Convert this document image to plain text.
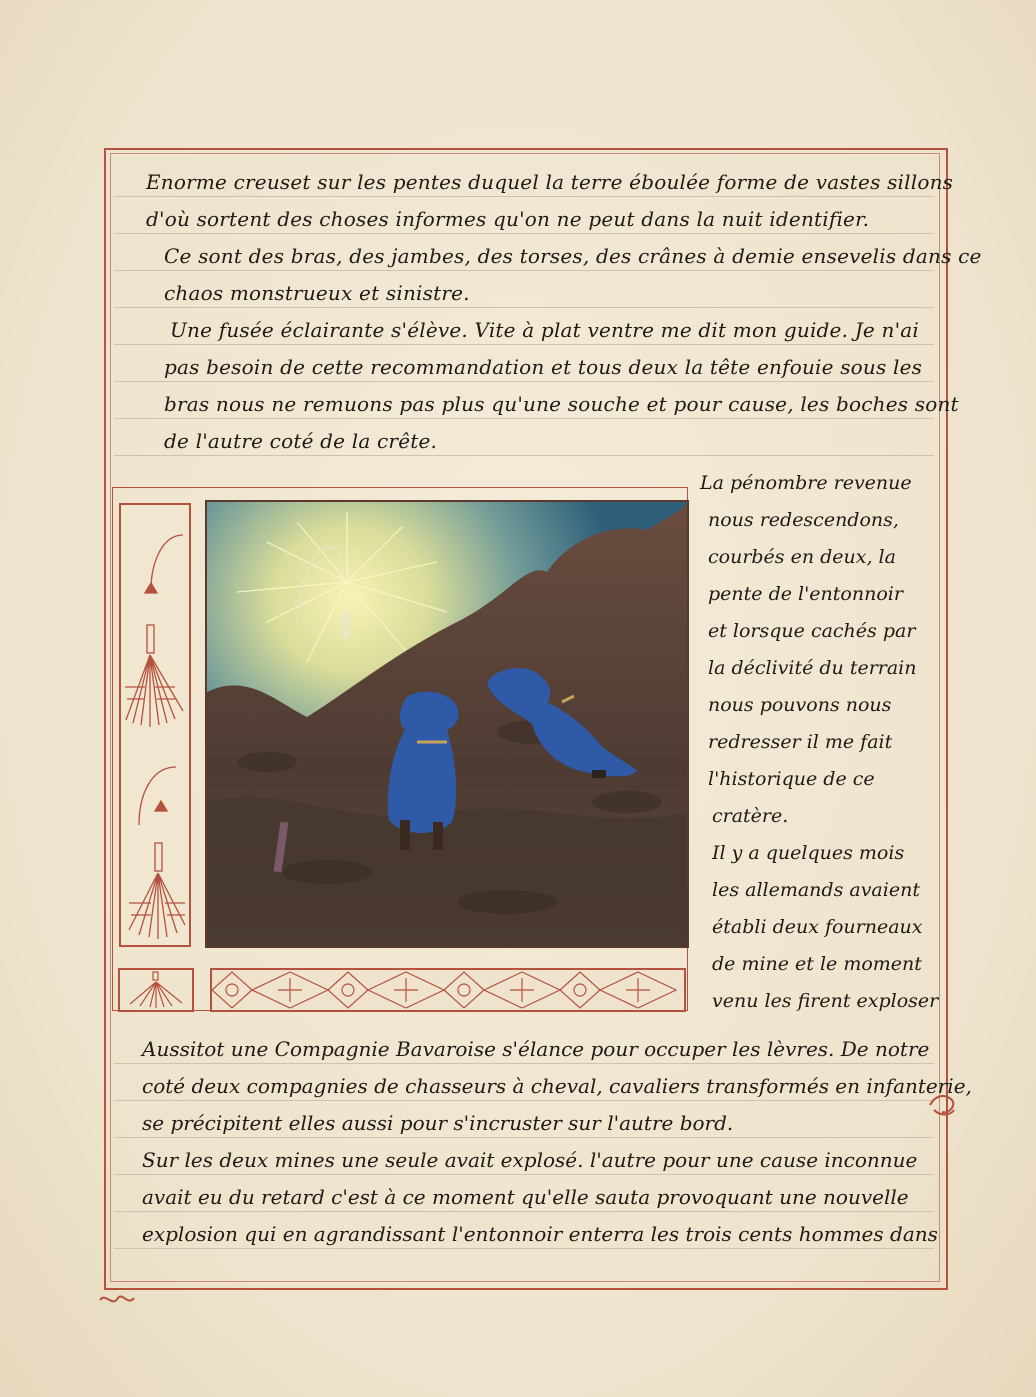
Enorme creuset sur les pentes duquel la terre éboulée forme de vastes sillons

d'où sortent des choses informes qu'on ne peut dans la nuit identifier.

Ce sont des bras, des jambes, des torses, des crânes à demie ensevelis dans ce

chaos monstrueux et sinistre.

Une fusée éclairante s'élève. Vite à plat ventre me dit mon guide. Je n'ai

pas besoin de cette recommandation et tous deux la tête enfouie sous les

bras nous ne remuons pas plus qu'une souche et pour cause, les boches sont

de l'autre coté de la crête.

La pénombre revenue

nous redescendons,

courbés en deux, la

pente de l'entonnoir

et lorsque cachés par

la déclivité du terrain

nous pouvons nous

redresser il me fait

l'historique de ce

cratère.

Il y a quelques mois

les allemands avaient

établi deux fourneaux

de mine et le moment

venu les firent exploser

Aussitot une Compagnie Bavaroise s'élance pour occuper les lèvres. De notre

coté deux compagnies de chasseurs à cheval, cavaliers transformés en infanterie,

se précipitent elles aussi pour s'incruster sur l'autre bord.

Sur les deux mines une seule avait explosé. l'autre pour une cause inconnue

avait eu du retard c'est à ce moment qu'elle sauta provoquant une nouvelle

explosion qui en agrandissant l'entonnoir enterra les trois cents hommes dans
